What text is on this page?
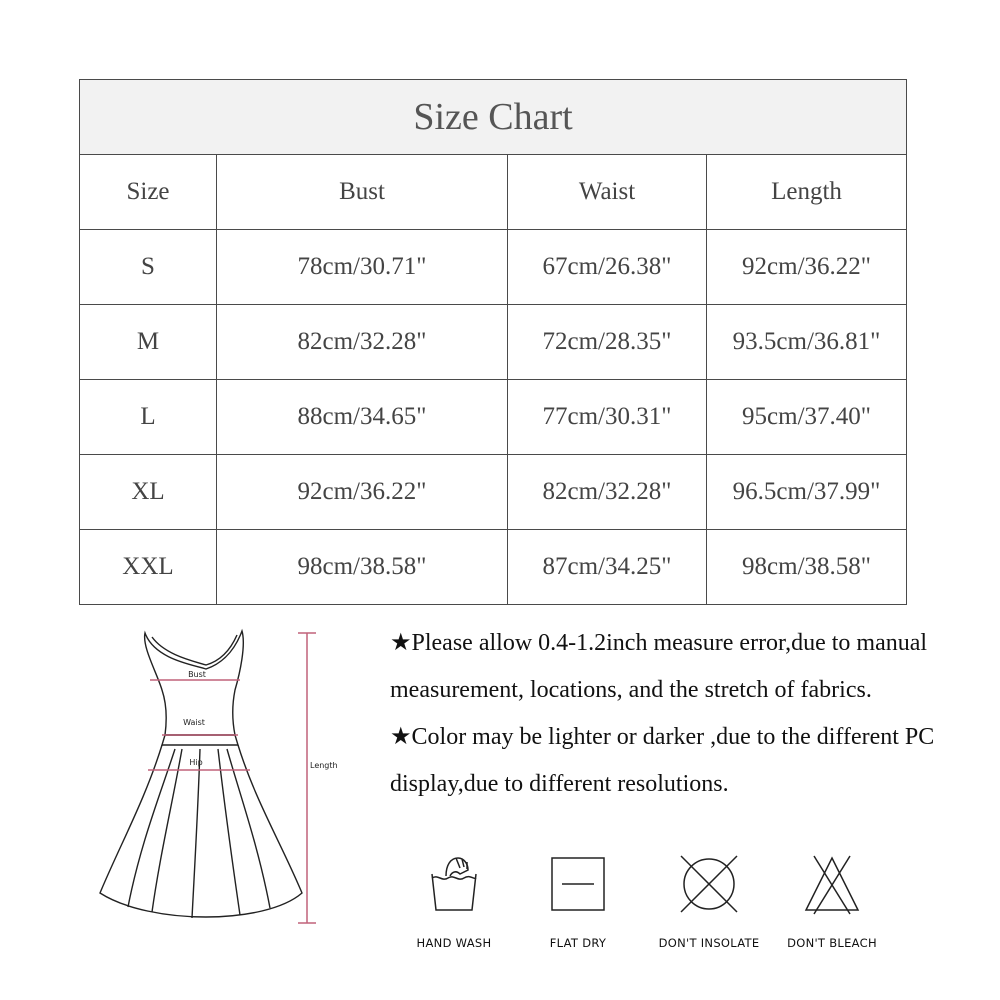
Size Chart			
Size	Bust	Waist	Length
S	78cm/30.71"	67cm/26.38"	92cm/36.22"
M	82cm/32.28"	72cm/28.35"	93.5cm/36.81"
L	88cm/34.65"	77cm/30.31"	95cm/37.40"
XL	92cm/36.22"	82cm/32.28"	96.5cm/37.99"
XXL	98cm/38.58"	87cm/34.25"	98cm/38.58"
Bust
Waist
Hip	Length

★Please allow 0.4-1.2inch measure error,due to manual measurement, locations, and the stretch of fabrics.

★Color may be lighter or darker ,due to the different PC display,due to different resolutions.

HAND WASH	FLAT DRY	DON'T INSOLATE	DON'T BLEACH
